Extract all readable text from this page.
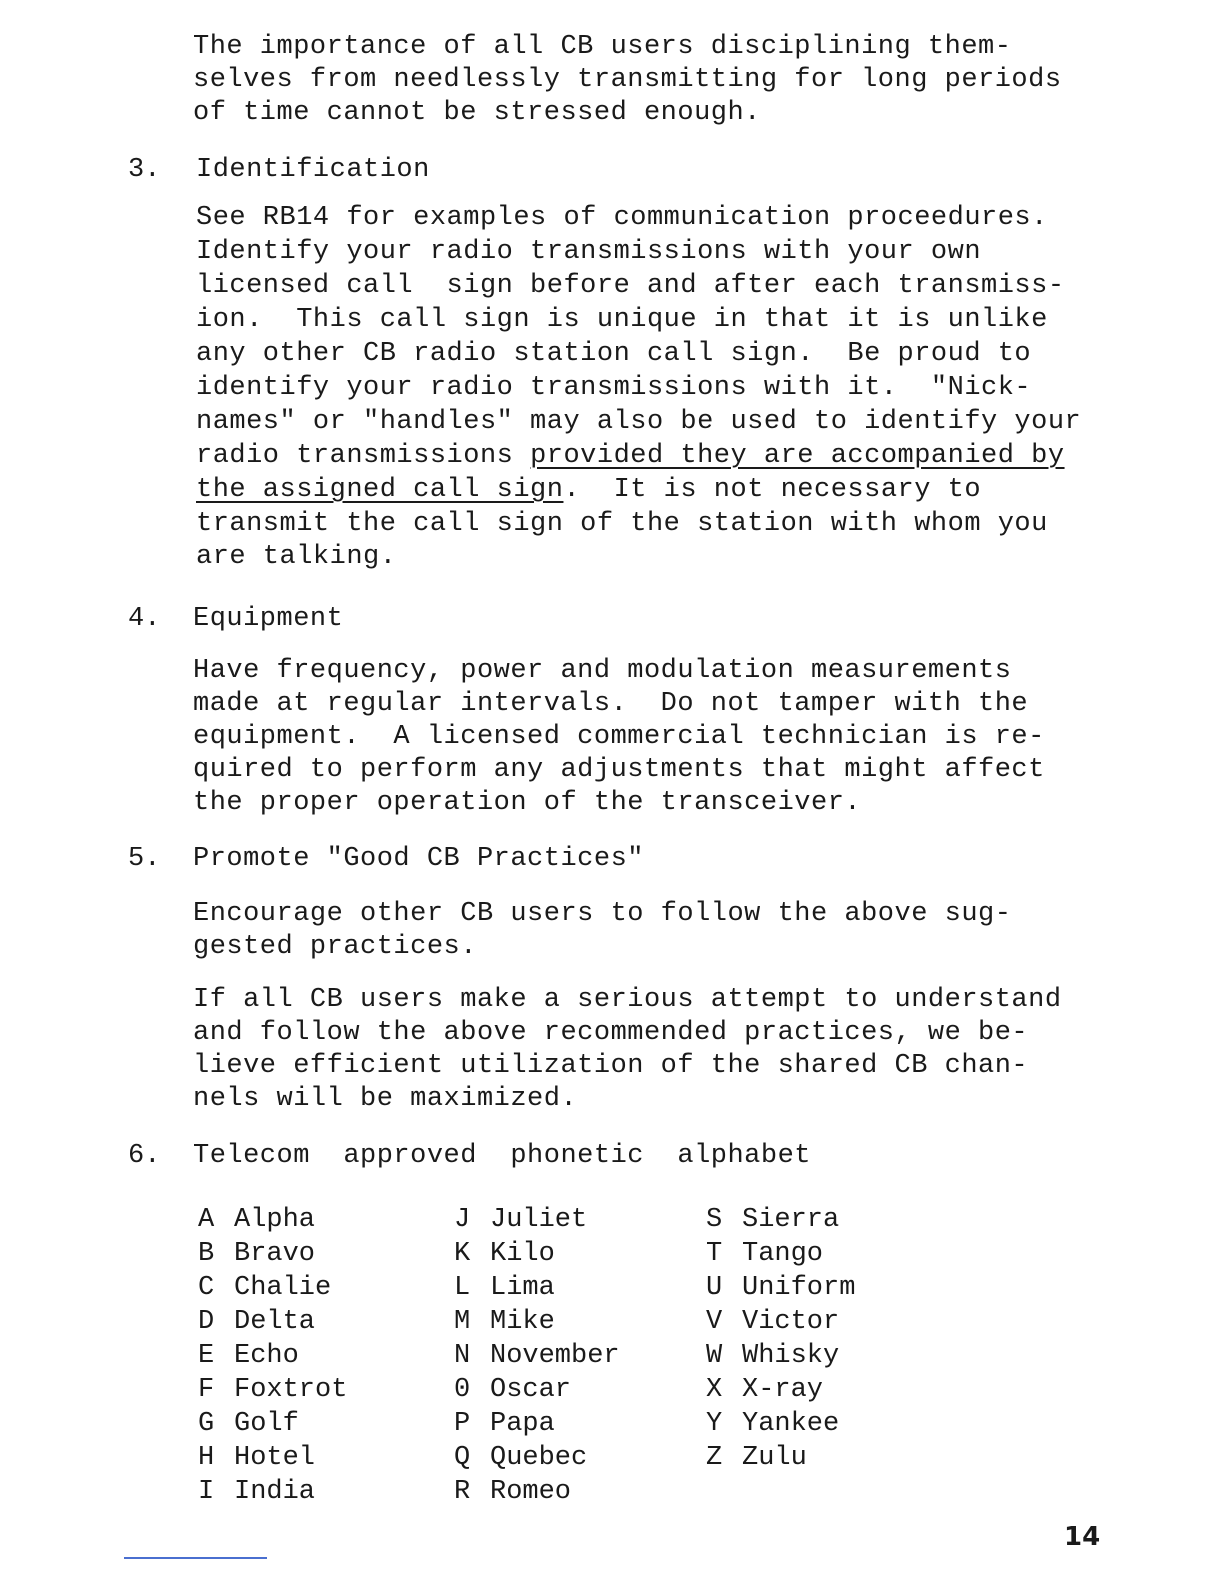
The importance of all CB users disciplining them-
selves from needlessly transmitting for long periods
of time cannot be stressed enough.
3. Identification
See RB14 for examples of communication proceedures.
Identify your radio transmissions with your own
licensed call  sign before and after each transmiss-
ion.  This call sign is unique in that it is unlike
any other CB radio station call sign.  Be proud to
identify your radio transmissions with it.  "Nick-
names" or "handles" may also be used to identify your
radio transmissions provided they are accompanied by
the assigned call sign.  It is not necessary to
transmit the call sign of the station with whom you
are talking.
4. Equipment
Have frequency, power and modulation measurements
made at regular intervals.  Do not tamper with the
equipment.  A licensed commercial technician is re-
quired to perform any adjustments that might affect
the proper operation of the transceiver.
5. Promote "Good CB Practices"
Encourage other CB users to follow the above sug-
gested practices.
If all CB users make a serious attempt to understand
and follow the above recommended practices, we be-
lieve efficient utilization of the shared CB chan-
nels will be maximized.
6. Telecom  approved  phonetic  alphabet
A Alpha
B Bravo
C Chalie
D Delta
E Echo
F Foxtrot
G Golf
H Hotel
I India
J Juliet
K Kilo
L Lima
M Mike
N November
0 Oscar
P Papa
Q Quebec
R Romeo
S Sierra
T Tango
U Uniform
V Victor
W Whisky
X X-ray
Y Yankee
Z Zulu
14
